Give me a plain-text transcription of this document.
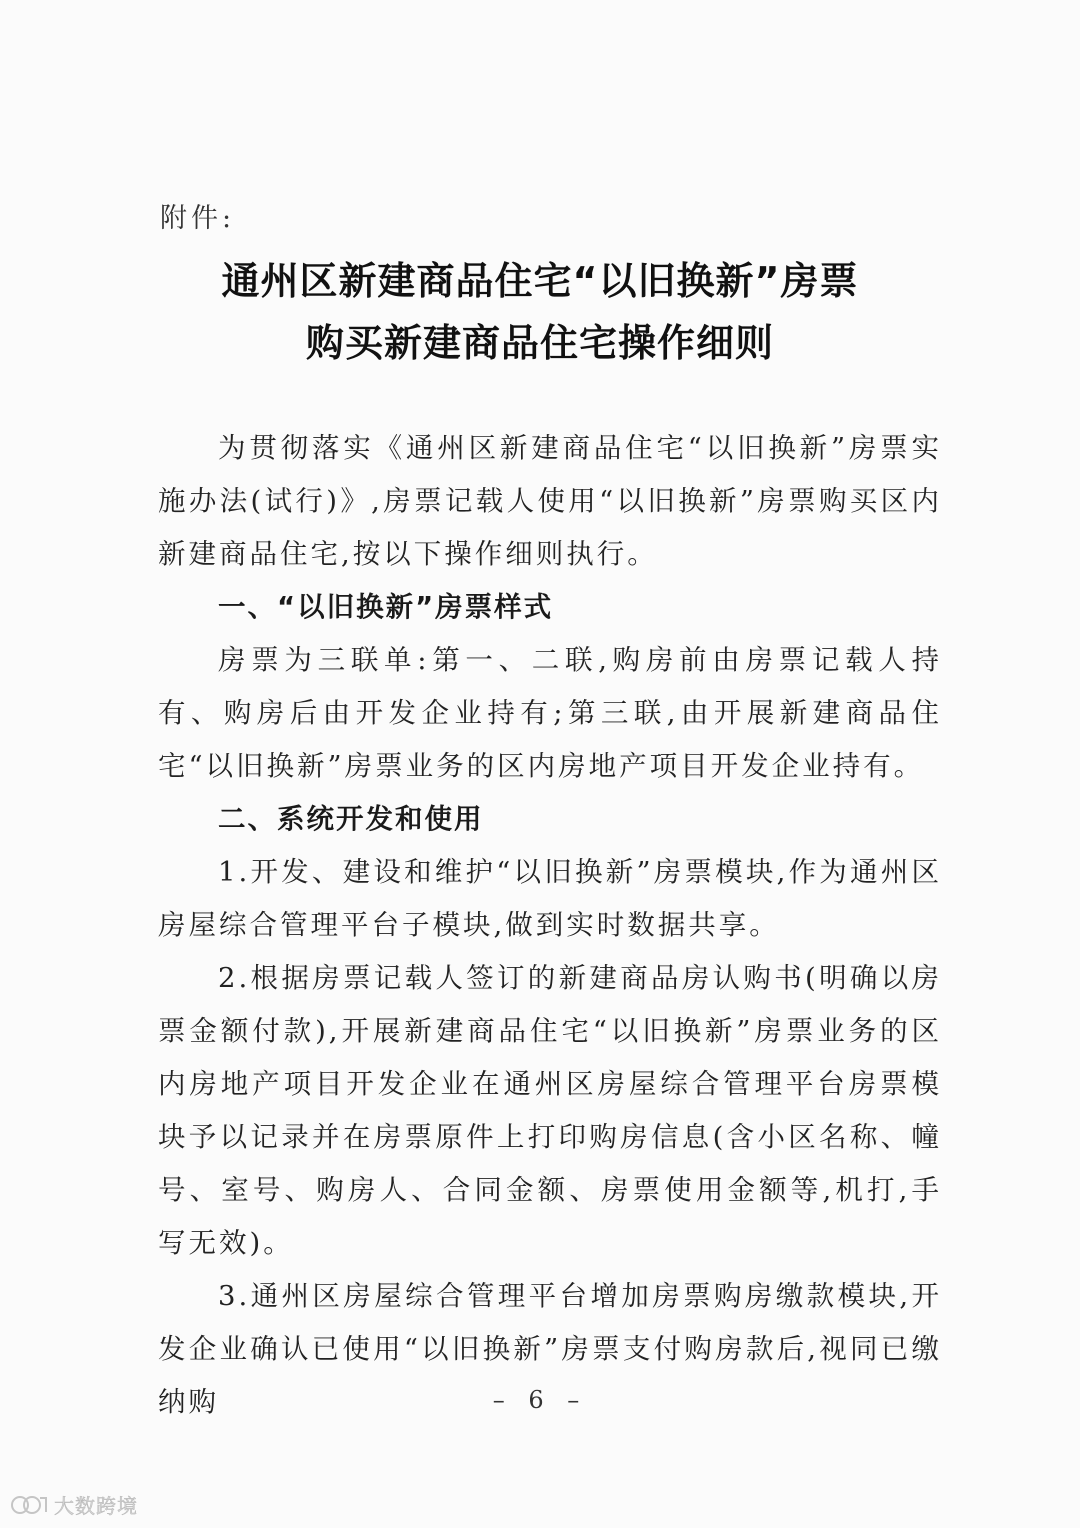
附件:
通州区新建商品住宅“以旧换新”房票
购买新建商品住宅操作细则

为贯彻落实《通州区新建商品住宅“以旧换新”房票实施办法(试行)》,房票记载人使用“以旧换新”房票购买区内新建商品住宅,按以下操作细则执行。

一、“以旧换新”房票样式

房票为三联单:第一、二联,购房前由房票记载人持有、购房后由开发企业持有;第三联,由开展新建商品住宅“以旧换新”房票业务的区内房地产项目开发企业持有。

二、系统开发和使用

1.开发、建设和维护“以旧换新”房票模块,作为通州区房屋综合管理平台子模块,做到实时数据共享。

2.根据房票记载人签订的新建商品房认购书(明确以房票金额付款),开展新建商品住宅“以旧换新”房票业务的区内房地产项目开发企业在通州区房屋综合管理平台房票模块予以记录并在房票原件上打印购房信息(含小区名称、幢号、室号、购房人、合同金额、房票使用金额等,机打,手写无效)。

3.通州区房屋综合管理平台增加房票购房缴款模块,开发企业确认已使用“以旧换新”房票支付购房款后,视同已缴纳购	– 6 –
大数跨境
